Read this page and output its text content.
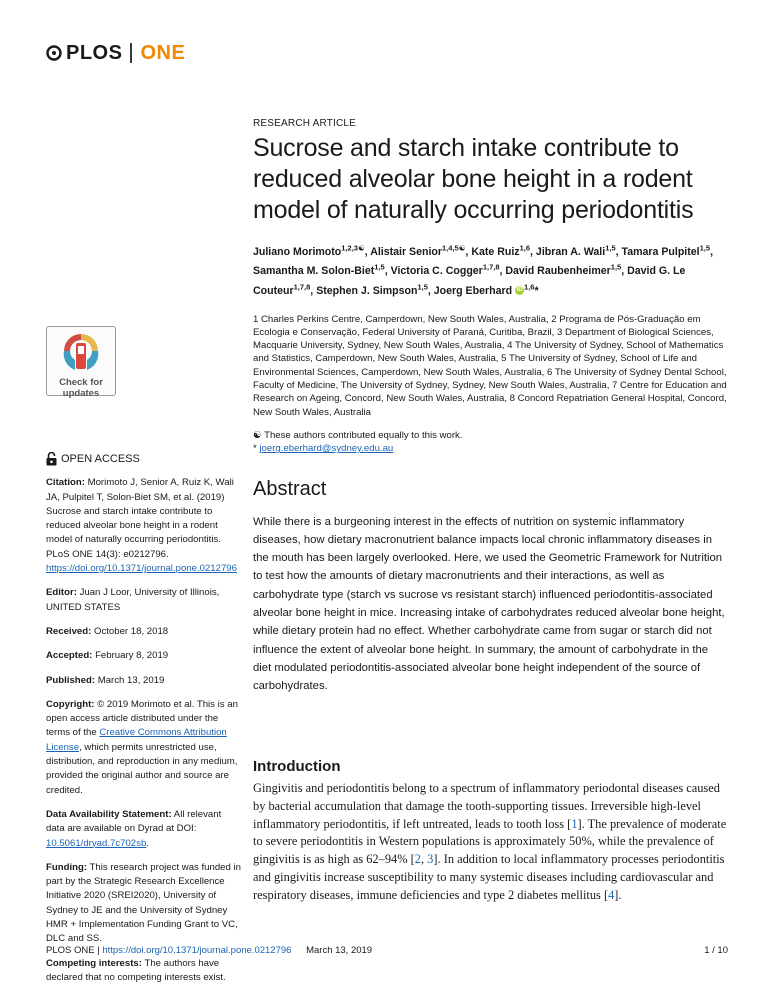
PLOS ONE
Check for
updates
OPEN ACCESS

Citation: Morimoto J, Senior A, Ruiz K, Wali JA, Pulpitel T, Solon-Biet SM, et al. (2019) Sucrose and starch intake contribute to reduced alveolar bone height in a rodent model of naturally occurring periodontitis. PLoS ONE 14(3): e0212796. https://doi.org/10.1371/journal.pone.0212796

Editor: Juan J Loor, University of Illinois, UNITED STATES

Received: October 18, 2018

Accepted: February 8, 2019

Published: March 13, 2019

Copyright: © 2019 Morimoto et al. This is an open access article distributed under the terms of the Creative Commons Attribution License, which permits unrestricted use, distribution, and reproduction in any medium, provided the original author and source are credited.

Data Availability Statement: All relevant data are available on Dyrad at DOI: 10.5061/dryad.7c702sb.

Funding: This research project was funded in part by the Strategic Research Excellence Initiative 2020 (SREI2020), University of Sydney to JE and the University of Sydney HMR + Implementation Funding Grant to VC, DLC and SS.

Competing interests: The authors have declared that no competing interests exist.

RESEARCH ARTICLE
Sucrose and starch intake contribute to reduced alveolar bone height in a rodent model of naturally occurring periodontitis
Juliano Morimoto$^{1,2,3☯}$, Alistair Senior$^{1,4,5☯}$, Kate Ruiz$^{1,6}$, Jibran A. Wali$^{1,5}$, Tamara Pulpitel$^{1,5}$, Samantha M. Solon-Biet$^{1,5}$, Victoria C. Cogger$^{1,7,8}$, David Raubenheimer$^{1,5}$, David G. Le Couteur$^{1,7,8}$, Stephen J. Simpson$^{1,5}$, Joerg Eberhard iD $^{1,6}$*
1 Charles Perkins Centre, Camperdown, New South Wales, Australia, 2 Programa de Pós-Graduação em Ecologia e Conservação, Federal University of Paraná, Curitiba, Brazil, 3 Department of Biological Sciences, Macquarie University, Sydney, New South Wales, Australia, 4 The University of Sydney, School of Mathematics and Statistics, Camperdown, New South Wales, Australia, 5 The University of Sydney, School of Life and Environmental Sciences, Camperdown, New South Wales, Australia, 6 The University of Sydney Dental School, Faculty of Medicine, The University of Sydney, Sydney, New South Wales, Australia, 7 Centre for Education and Research on Ageing, Concord, New South Wales, Australia, 8 Concord Repatriation General Hospital, Concord, New South Wales, Australia
☯ These authors contributed equally to this work.
* joerg.eberhard@sydney.edu.au
Abstract

While there is a burgeoning interest in the effects of nutrition on systemic inflammatory diseases, how dietary macronutrient balance impacts local chronic inflammatory diseases in the mouth has been largely overlooked. Here, we used the Geometric Framework for Nutrition to test how the amounts of dietary macronutrients and their interactions, as well as carbohydrate type (starch vs sucrose vs resistant starch) influenced periodontitis-associated alveolar bone height in mice. Increasing intake of carbohydrates reduced alveolar bone height, while dietary protein had no effect. Whether carbohydrate came from sugar or starch did not influence the extent of alveolar bone height. In summary, the amount of carbohydrate in the diet modulated periodontitis-associated alveolar bone height independent of the source of carbohydrates.

Introduction
Gingivitis and periodontitis belong to a spectrum of inflammatory periodontal diseases caused by bacterial accumulation that damage the tooth-supporting tissues. Irreversible high-level inflammatory periodontitis, if left untreated, leads to tooth loss [1]. The prevalence of moderate to severe periodontitis in Western populations is approximately 50%, while the prevalence of gingivitis is as high as 62–94% [2, 3]. In addition to local inflammatory processes periodontitis and gingivitis increase susceptibility to many systemic diseases including cardiovascular and respiratory diseases, immune deficiencies and type 2 diabetes mellitus [4].
PLOS ONE | https://doi.org/10.1371/journal.pone.0212796 March 13, 2019	1 / 10
